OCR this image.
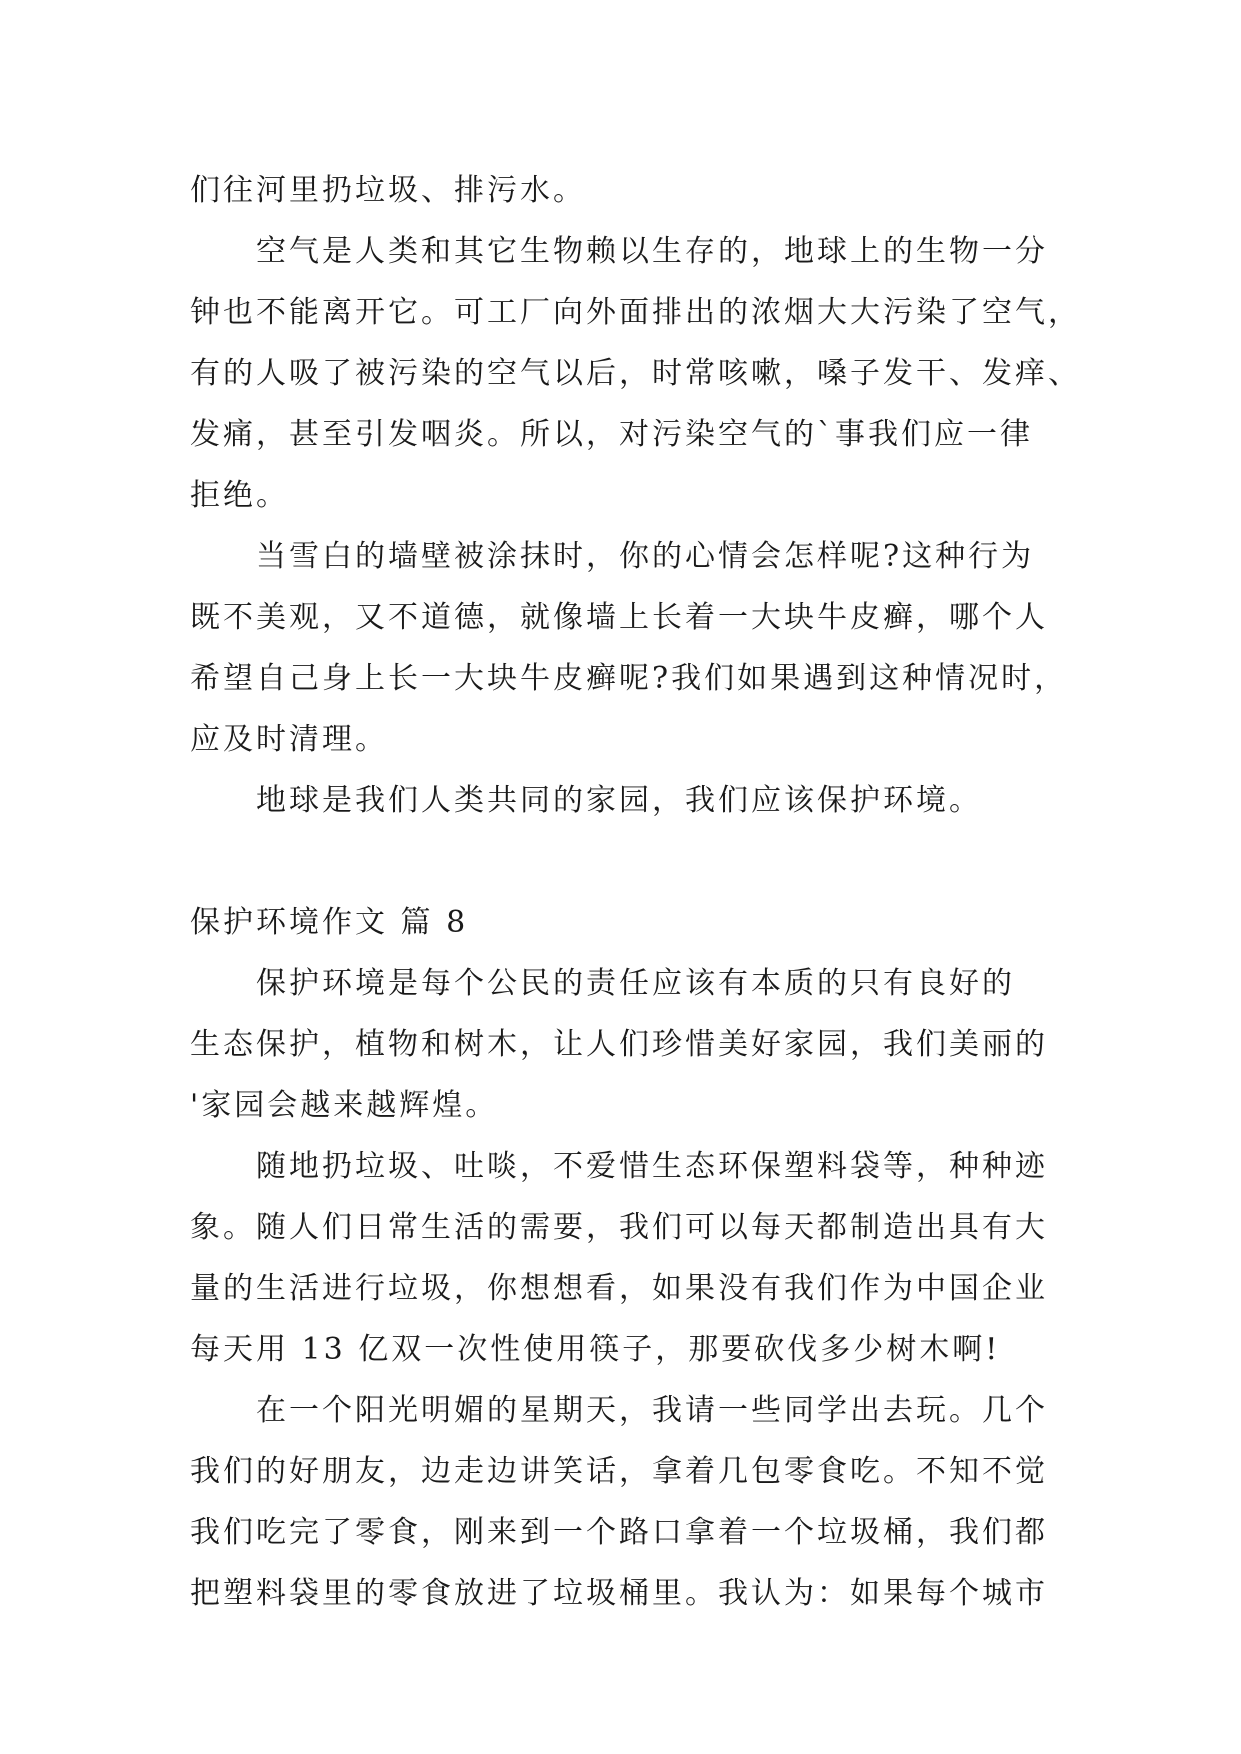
们往河里扔垃圾、排污水。
空气是人类和其它生物赖以生存的，地球上的生物一分
钟也不能离开它。可工厂向外面排出的浓烟大大污染了空气，
有的人吸了被污染的空气以后，时常咳嗽，嗓子发干、发痒、
发痛，甚至引发咽炎。所以，对污染空气的`事我们应一律
拒绝。
当雪白的墙壁被涂抹时，你的心情会怎样呢?这种行为
既不美观，又不道德，就像墙上长着一大块牛皮癣，哪个人
希望自己身上长一大块牛皮癣呢?我们如果遇到这种情况时，
应及时清理。
地球是我们人类共同的家园，我们应该保护环境。
保护环境作文 篇 8
保护环境是每个公民的责任应该有本质的只有良好的
生态保护，植物和树木，让人们珍惜美好家园，我们美丽的
'家园会越来越辉煌。
随地扔垃圾、吐啖，不爱惜生态环保塑料袋等，种种迹
象。随人们日常生活的需要，我们可以每天都制造出具有大
量的生活进行垃圾，你想想看，如果没有我们作为中国企业
每天用 13 亿双一次性使用筷子，那要砍伐多少树木啊!
在一个阳光明媚的星期天，我请一些同学出去玩。几个
我们的好朋友，边走边讲笑话，拿着几包零食吃。不知不觉
我们吃完了零食，刚来到一个路口拿着一个垃圾桶，我们都
把塑料袋里的零食放进了垃圾桶里。我认为：如果每个城市
